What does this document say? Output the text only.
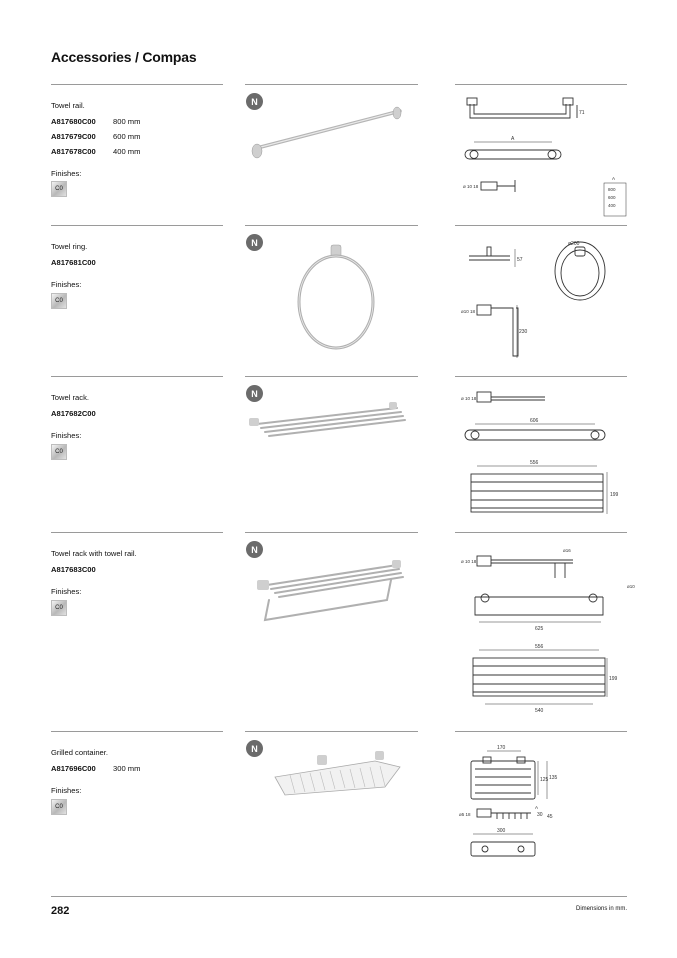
Accessories / Compas
Towel rail.
A817680C00 800 mm
A817679C00 600 mm
A817678C00 400 mm
Finishes:
C0
N
71
A
ø 10 18
A
800
600
400
Towel ring.
A817681C00
Finishes:
C0
N
57
ø200
ø10 18
230
Towel rack.
A817682C00
Finishes:
C0
N	ø 10 18
606
556
199
Towel rack with towel rail.
A817683C00
Finishes:
C0
N	ø16
ø 10 18
ø10
625
556
199
540
Grilled container.
A817696C00 300 mm
Finishes:
C0
N	170
125 135
ø5 18
A
30 45
300
282	Dimensions in mm.
